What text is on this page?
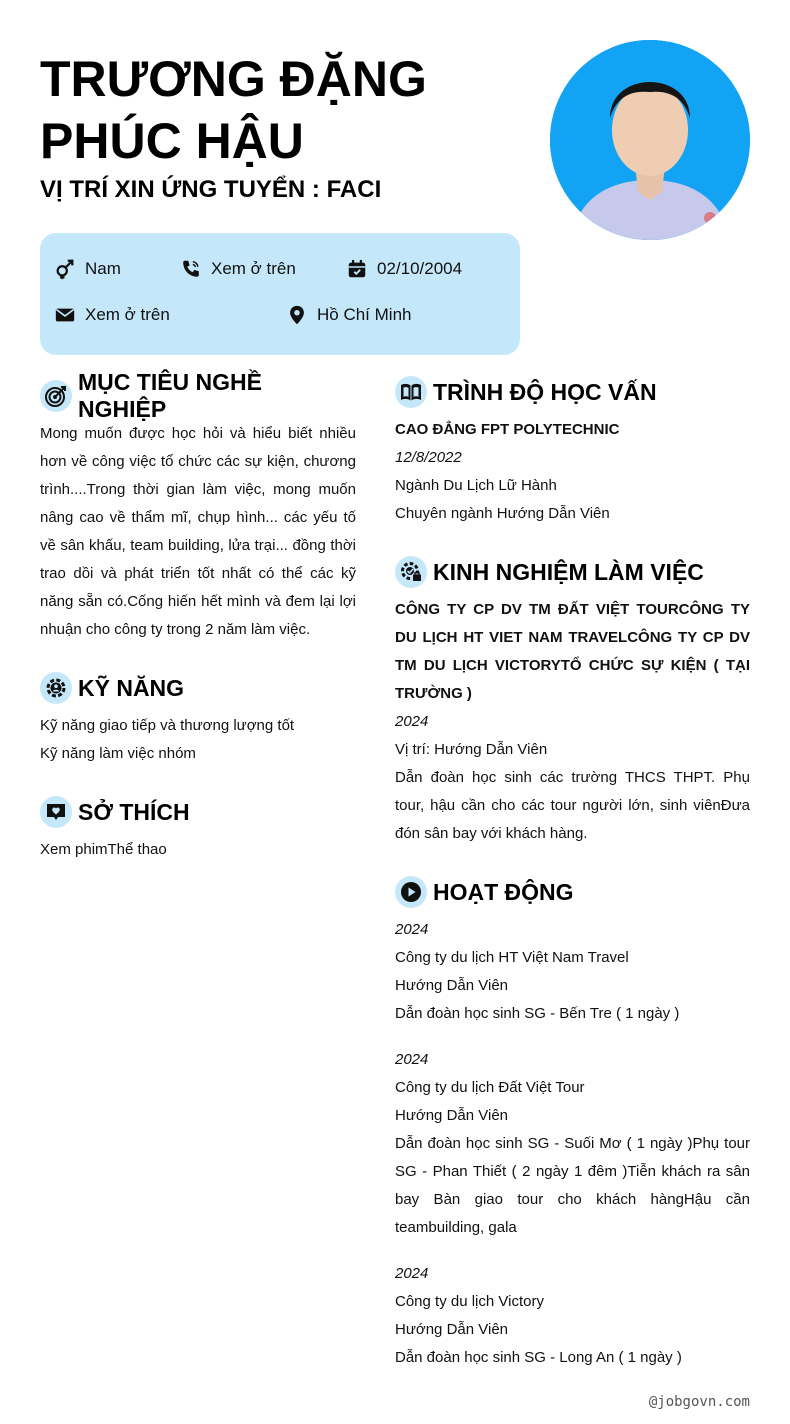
TRƯƠNG ĐẶNG PHÚC HẬU
VỊ TRÍ XIN ỨNG TUYỂN : FACI
Nam	Xem ở trên	02/10/2004
Xem ở trên	Hồ Chí Minh
MỤC TIÊU NGHỀ NGHIỆP
Mong muốn được học hỏi và hiểu biết nhiều hơn về công việc tổ chức các sự kiện, chương trình....Trong thời gian làm việc, mong muốn nâng cao về thẩm mĩ, chụp hình... các yếu tố về sân khấu, team building, lửa trại... đồng thời trao dồi và phát triển tốt nhất có thể các kỹ năng sẵn có.Cống hiến hết mình và đem lại lợi nhuận cho công ty trong 2 năm làm việc.
KỸ NĂNG
Kỹ năng giao tiếp và thương lượng tốt
Kỹ năng làm việc nhóm
SỞ THÍCH
Xem phimThể thao
TRÌNH ĐỘ HỌC VẤN
CAO ĐẲNG FPT POLYTECHNIC
12/8/2022
Ngành Du Lịch Lữ Hành
Chuyên ngành Hướng Dẫn Viên
KINH NGHIỆM LÀM VIỆC
CÔNG TY CP DV TM ĐẤT VIỆT TOURCÔNG TY DU LỊCH HT VIET NAM TRAVELCÔNG TY CP DV TM DU LỊCH VICTORYTỔ CHỨC SỰ KIỆN ( TẠI TRƯỜNG )
2024
Vị trí: Hướng Dẫn Viên
Dẫn đoàn học sinh các trường THCS THPT. Phụ tour, hậu cần cho các tour người lớn, sinh viênĐưa đón sân bay với khách hàng.
HOẠT ĐỘNG
2024
Công ty du lịch HT Việt Nam Travel
Hướng Dẫn Viên
Dẫn đoàn học sinh SG - Bến Tre ( 1 ngày )
2024
Công ty du lịch Đất Việt Tour
Hướng Dẫn Viên
Dẫn đoàn học sinh SG - Suối Mơ ( 1 ngày )Phụ tour SG - Phan Thiết ( 2 ngày 1 đêm )Tiễn khách ra sân bay Bàn giao tour cho khách hàngHậu cần teambuilding, gala
2024
Công ty du lịch Victory
Hướng Dẫn Viên
Dẫn đoàn học sinh SG - Long An ( 1 ngày )
@jobgovn.com
